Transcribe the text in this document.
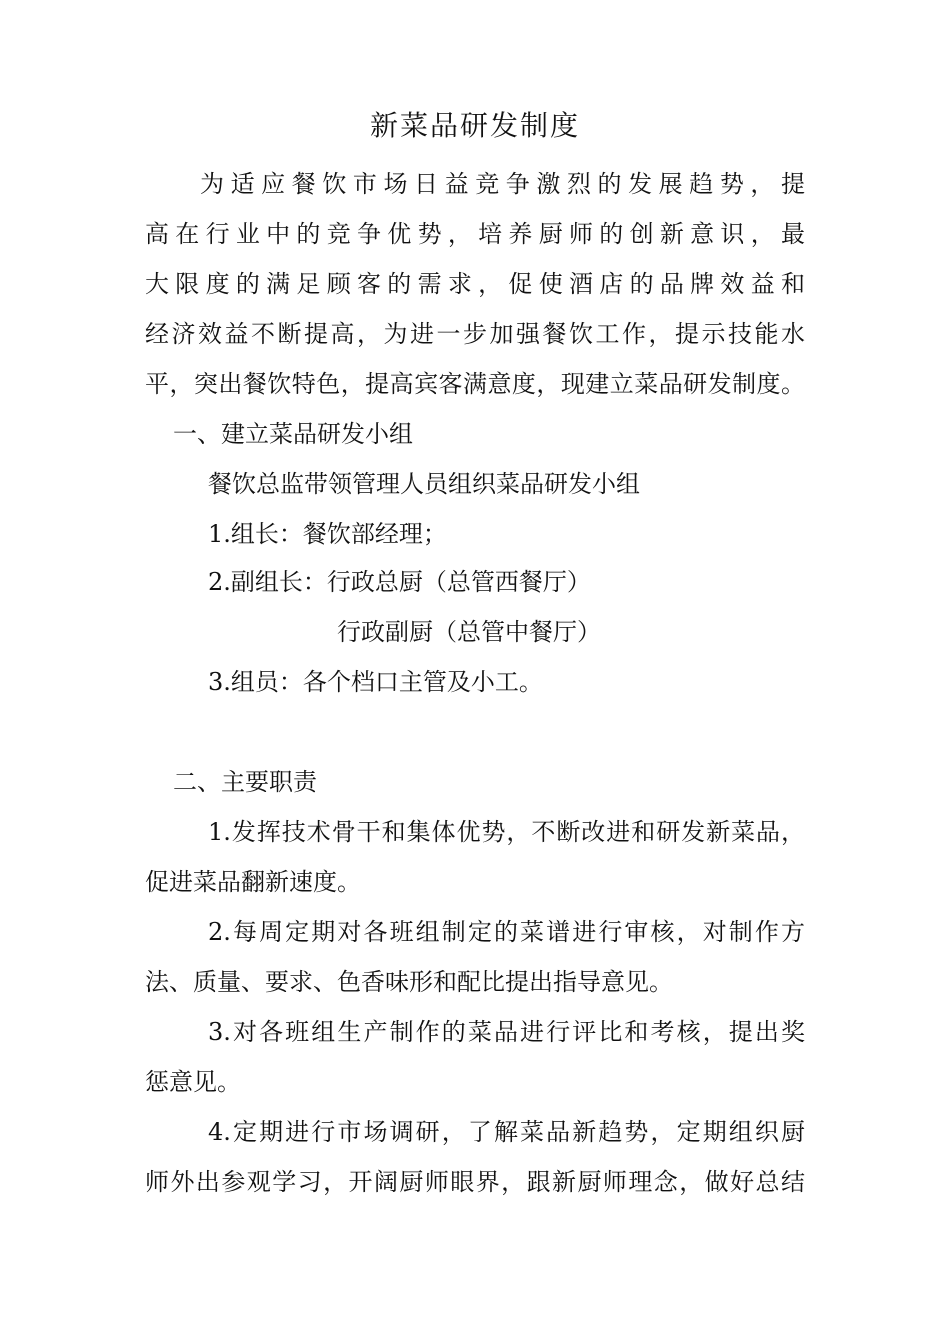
新菜品研发制度
为适应餐饮市场日益竞争激烈的发展趋势，提
高在行业中的竞争优势，培养厨师的创新意识，最
大限度的满足顾客的需求，促使酒店的品牌效益和
经济效益不断提高，为进一步加强餐饮工作，提示技能水
平，突出餐饮特色，提高宾客满意度，现建立菜品研发制度。
一、建立菜品研发小组
餐饮总监带领管理人员组织菜品研发小组
1.组长：餐饮部经理；
2.副组长：行政总厨（总管西餐厅）
行政副厨（总管中餐厅）
3.组员：各个档口主管及小工。
二、主要职责
1.发挥技术骨干和集体优势，不断改进和研发新菜品，
促进菜品翻新速度。
2.每周定期对各班组制定的菜谱进行审核，对制作方
法、质量、要求、色香味形和配比提出指导意见。
3.对各班组生产制作的菜品进行评比和考核，提出奖
惩意见。
4.定期进行市场调研，了解菜品新趋势，定期组织厨
师外出参观学习，开阔厨师眼界，跟新厨师理念，做好总结
